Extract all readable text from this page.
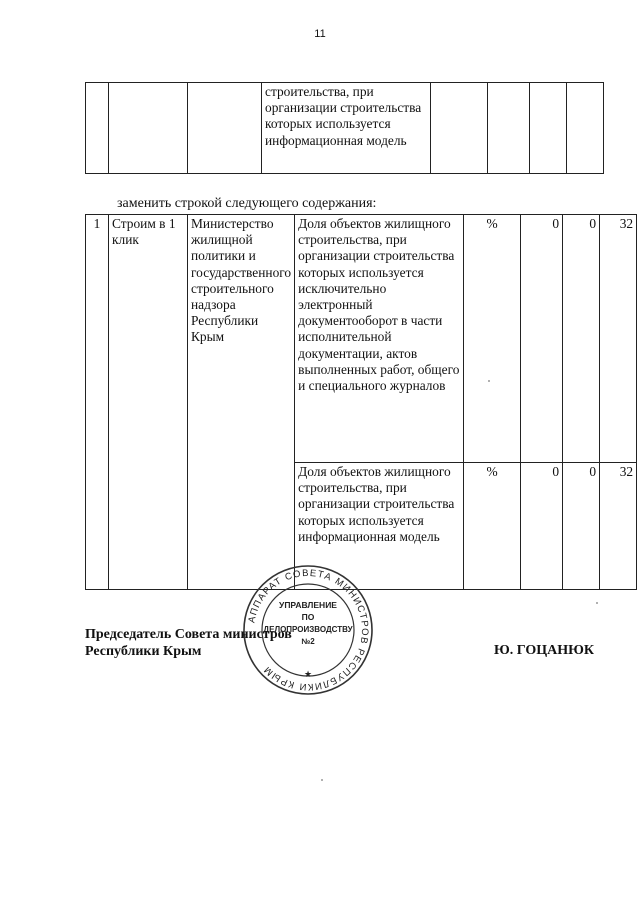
11
			строительства, при организации строительства которых используется информационная модель				
заменить строкой следующего содержания:
1	Строим в 1 клик	Министерство жилищной политики и государственного строительного надзора Республики Крым	Доля объектов жилищного строительства, при организации строительства которых используется исключительно электронный документооборот в части исполнительной документации, актов выполненных работ, общего и специального журналов	%	0	0	32
			Доля объектов жилищного строительства, при организации строительства которых используется информационная модель	%	0	0	32
АППАРАТ СОВЕТА МИНИСТРОВ РЕСПУБЛИКИ КРЫМ
УПРАВЛЕНИЕ
ПО
ДЕЛОПРОИЗВОДСТВУ
№2
★
Председатель Совета министров
Республики Крым	Ю. ГОЦАНЮК
